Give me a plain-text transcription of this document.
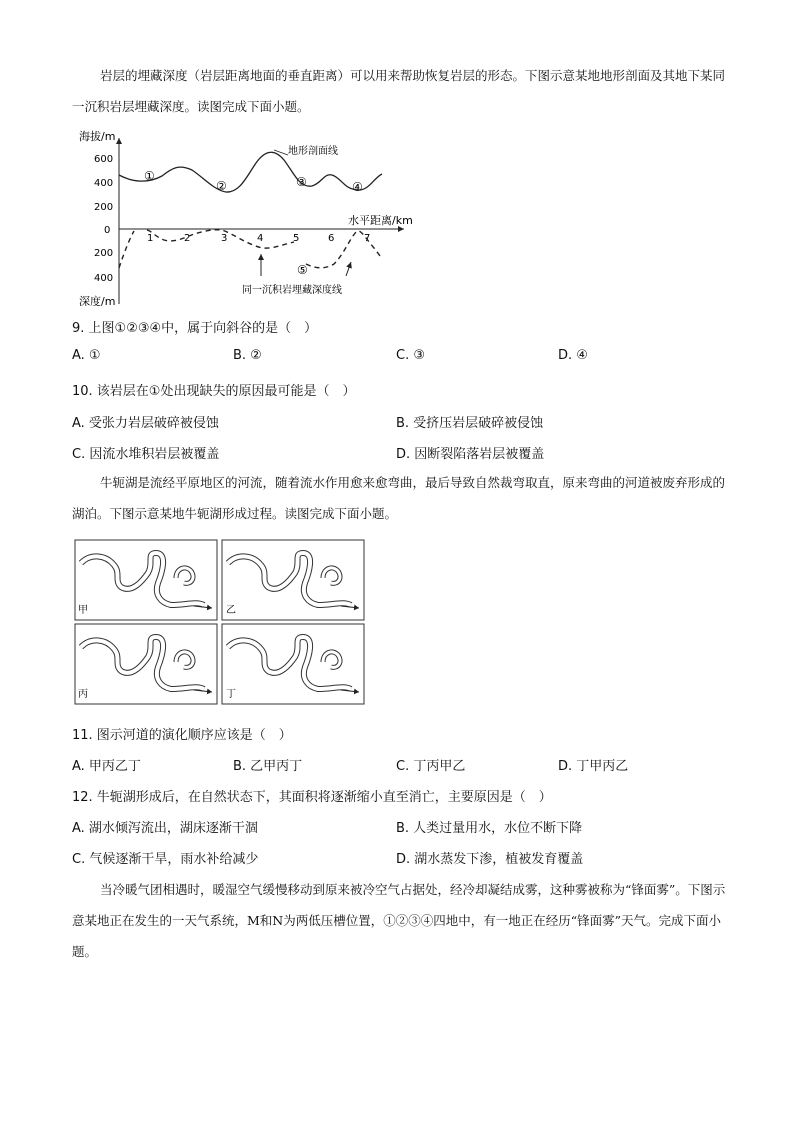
岩层的埋藏深度（岩层距离地面的垂直距离）可以用来帮助恢复岩层的形态。下图示意某地地形剖面及其地下某同一沉积岩层埋藏深度。读图完成下面小题。
海拔/m
深度/m
水平距离/km
600
400
200
0
200
400
1	2	3	4	5	6	7
地形剖面线
①
②	③	④
⑤
同一沉积岩埋藏深度线
9. 上图①②③④中，属于向斜谷的是（　）
A. ①	B. ②	C. ③	D. ④
10. 该岩层在①处出现缺失的原因最可能是（　）
A. 受张力岩层破碎被侵蚀	B. 受挤压岩层破碎被侵蚀
C. 因流水堆积岩层被覆盖	D. 因断裂陷落岩层被覆盖
牛轭湖是流经平原地区的河流，随着流水作用愈来愈弯曲，最后导致自然裁弯取直，原来弯曲的河道被废弃形成的湖泊。下图示意某地牛轭湖形成过程。读图完成下面小题。
甲	乙
丙	丁
11. 图示河道的演化顺序应该是（　）
A. 甲丙乙丁	B. 乙甲丙丁	C. 丁丙甲乙	D. 丁甲丙乙
12. 牛轭湖形成后，在自然状态下，其面积将逐渐缩小直至消亡，主要原因是（　）
A. 湖水倾泻流出，湖床逐渐干涸	B. 人类过量用水，水位不断下降
C. 气候逐渐干旱，雨水补给减少	D. 湖水蒸发下渗，植被发育覆盖
当冷暖气团相遇时，暖湿空气缓慢移动到原来被冷空气占据处，经冷却凝结成雾，这种雾被称为“锋面雾”。下图示意某地正在发生的一天气系统，M和N为两低压槽位置，①②③④四地中，有一地正在经历“锋面雾”天气。完成下面小题。
